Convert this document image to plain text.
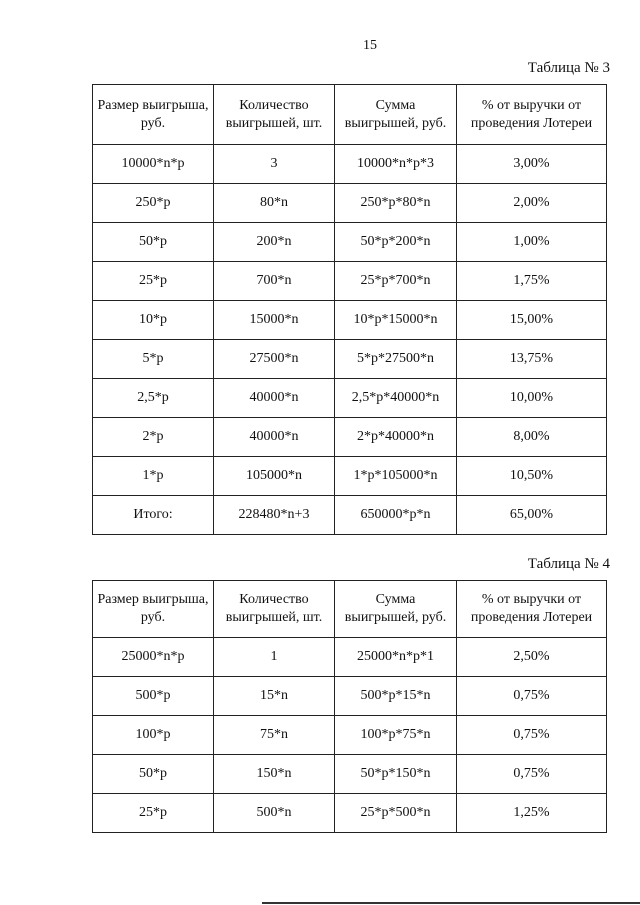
15
Таблица № 3
Размер выигрыша, руб.	Количество выигрышей, шт.	Сумма выигрышей, руб.	% от выручки от проведения Лотереи
10000*n*p	3	10000*n*p*3	3,00%
250*p	80*n	250*p*80*n	2,00%
50*p	200*n	50*p*200*n	1,00%
25*p	700*n	25*p*700*n	1,75%
10*p	15000*n	10*p*15000*n	15,00%
5*p	27500*n	5*p*27500*n	13,75%
2,5*p	40000*n	2,5*p*40000*n	10,00%
2*p	40000*n	2*p*40000*n	8,00%
1*p	105000*n	1*p*105000*n	10,50%
Итого:	228480*n+3	650000*p*n	65,00%
Таблица № 4
Размер выигрыша, руб.	Количество выигрышей, шт.	Сумма выигрышей, руб.	% от выручки от проведения Лотереи
25000*n*p	1	25000*n*p*1	2,50%
500*p	15*n	500*p*15*n	0,75%
100*p	75*n	100*p*75*n	0,75%
50*p	150*n	50*p*150*n	0,75%
25*p	500*n	25*p*500*n	1,25%
